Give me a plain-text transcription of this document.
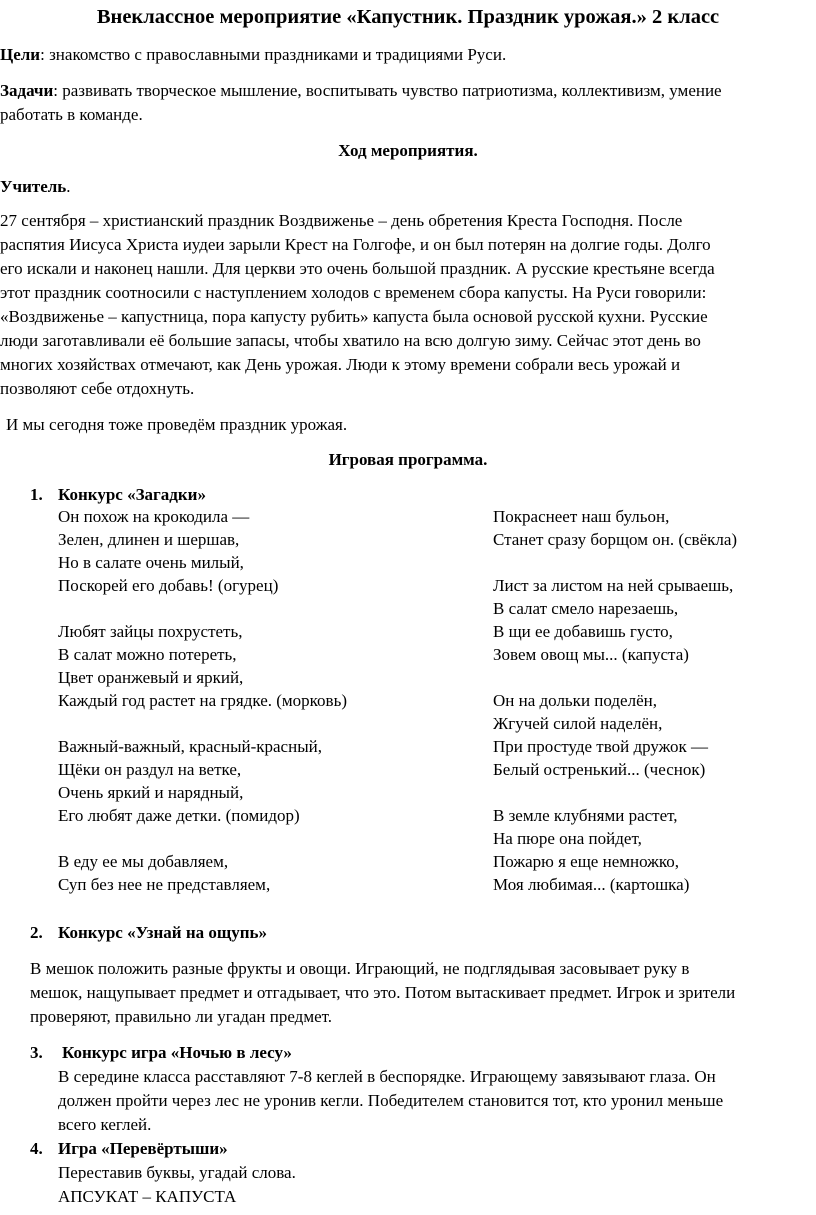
Внеклассное мероприятие «Капустник. Праздник урожая.» 2 класс
Цели: знакомство с православными праздниками и традициями Руси.
Задачи: развивать творческое мышление, воспитывать чувство патриотизма, коллективизм, умение
работать в команде.
Ход мероприятия.
Учитель.
27 сентября – христианский праздник Воздвиженье – день обретения Креста Господня. После
распятия Иисуса Христа иудеи зарыли Крест на Голгофе, и он был потерян на долгие годы. Долго
его искали и наконец нашли. Для церкви это очень большой праздник. А русские крестьяне всегда
этот праздник соотносили с наступлением холодов с временем сбора капусты. На Руси говорили:
«Воздвиженье – капустница, пора капусту рубить» капуста была основой русской кухни. Русские
люди заготавливали её большие запасы, чтобы хватило на всю долгую зиму. Сейчас этот день во
многих хозяйствах отмечают, как День урожая. Люди к этому времени собрали весь урожай и
позволяют себе отдохнуть.
И мы сегодня тоже проведём праздник урожая.
Игровая программа.
1. Конкурс «Загадки»
Он похож на крокодила —
Зелен, длинен и шершав,
Но в салате очень милый,
Поскорей его добавь! (огурец)
Любят зайцы похрустеть,
В салат можно потереть,
Цвет оранжевый и яркий,
Каждый год растет на грядке. (морковь)
Важный-важный, красный-красный,
Щёки он раздул на ветке,
Очень яркий и нарядный,
Его любят даже детки. (помидор)
В еду ее мы добавляем,
Суп без нее не представляем,
Покраснеет наш бульон,
Станет сразу борщом он. (свёкла)
Лист за листом на ней срываешь,
В салат смело нарезаешь,
В щи ее добавишь густо,
Зовем овощ мы... (капуста)
Он на дольки поделён,
Жгучей силой наделён,
При простуде твой дружок —
Белый остренький... (чеснок)
В земле клубнями растет,
На пюре она пойдет,
Пожарю я еще немножко,
Моя любимая... (картошка)
2. Конкурс «Узнай на ощупь»
В мешок положить разные фрукты и овощи. Играющий, не подглядывая засовывает руку в
мешок, нащупывает предмет и отгадывает, что это. Потом вытаскивает предмет. Игрок и зрители
проверяют, правильно ли угадан предмет.
3. Конкурс игра «Ночью в лесу»
В середине класса расставляют 7-8 кеглей в беспорядке. Играющему завязывают глаза. Он
должен пройти через лес не уронив кегли. Победителем становится тот, кто уронил меньше
всего кеглей.
4. Игра «Перевёртыши»
Переставив буквы, угадай слова.
АПСУКАТ – КАПУСТА
